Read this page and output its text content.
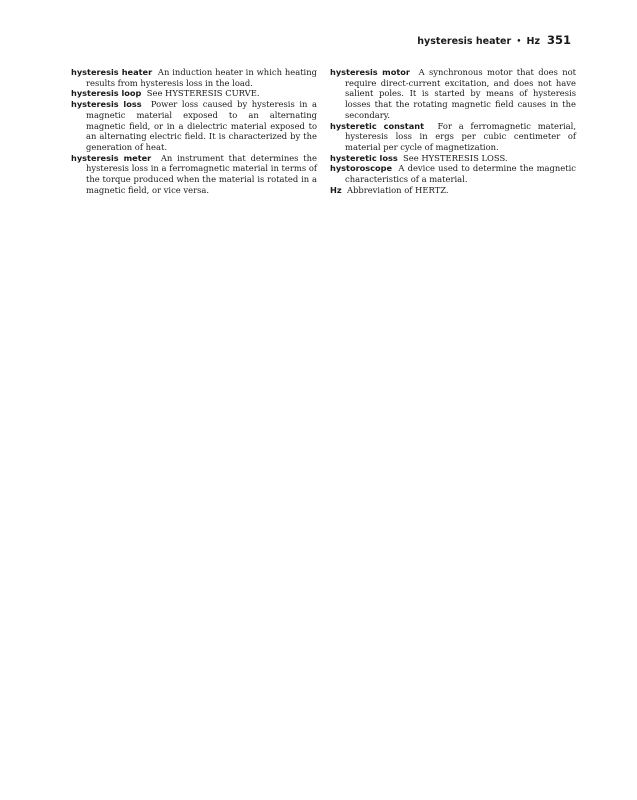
hysteresis heater • Hz 351

hysteresis heater An induction heater in which heating results from hysteresis loss in the load.

hysteresis loop See HYSTERESIS CURVE.

hysteresis loss Power loss caused by hysteresis in a magnetic material exposed to an alternating magnetic field, or in a dielectric material exposed to an alternating electric field. It is characterized by the generation of heat.

hysteresis meter An instrument that determines the hysteresis loss in a ferromagnetic material in terms of the torque produced when the material is rotated in a magnetic field, or vice versa.

hysteresis motor A synchronous motor that does not require direct-current excitation, and does not have salient poles. It is started by means of hysteresis losses that the rotating magnetic field causes in the secondary.

hysteretic constant For a ferromagnetic material, hysteresis loss in ergs per cubic centimeter of material per cycle of magnetization.

hysteretic loss See HYSTERESIS LOSS.

hystoroscope A device used to determine the magnetic characteristics of a material.

Hz Abbreviation of HERTZ.
